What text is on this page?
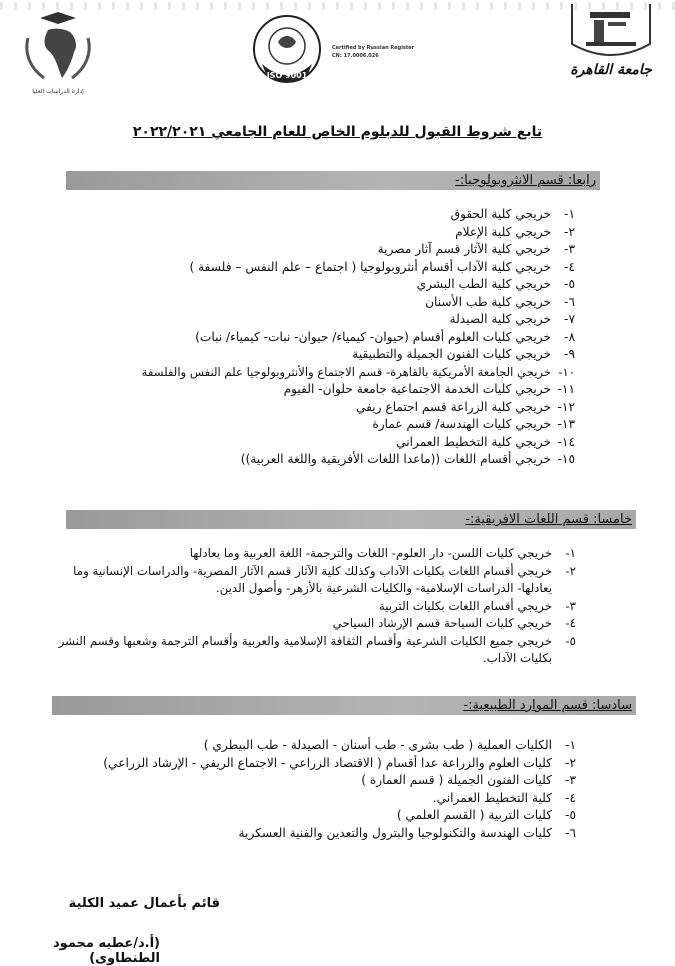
إدارة الدراسات العليا
ISO 9001
Certified by Russian Register
CN: 17.0006.026
جامعة القاهرة
تابع شروط القبول للدبلوم الخاص للعام الجامعي ٢٠٢٢/٢٠٢١
رابعا: قسم الانثروبولوجيا:-
١-
خريجي كلية الحقوق
٢-
خريجي كلية الإعلام
٣-
خريجي كلية الآثار قسم آثار مصرية
٤-
خريجي كلية الآداب أقسام أنثروبولوجيا ( اجتماع – علم النفس – فلسفة )
٥-
خريجي كلية الطب البشري
٦-
خريجي كلية طب الأسنان
٧-
خريجي كلية الصيدلة
٨-
خريجي كليات العلوم أقسام (حيوان- كيمياء/ حيوان- نبات- كيمياء/ نبات)
٩-
خريجي كليات الفنون الجميلة والتطبيقية
١٠-
خريجي الجامعة الأمريكية بالقاهرة- قسم الاجتماع والأنثروبولوجيا علم النفس والفلسفة
١١-
خريجي كليات الخدمة الاجتماعية جامعة حلوان- الفيوم
١٢-
خريجي كلية الزراعة قسم اجتماع ريفي
١٣-
خريجي كليات الهندسة/ قسم عمارة
١٤-
خريجي كلية التخطيط العمراني
١٥-
خريجي أقسام اللغات ((ماعدا اللغات الأفريقية واللغة العربية))
خامسا: قسم اللغات الافريقية:-
١-
خريجي كليات اللسن- دار العلوم- اللغات والترجمة- اللغة العربية وما يعادلها
٢-
خريجي أقسام اللغات بكليات الآداب وكذلك كلية الآثار قسم الآثار المصرية- والدراسات الإنسانية وما يعادلها- الدراسات الإسلامية- والكليات الشرعية بالأزهر- وأصول الدين.
٣-
خريجي أقسام اللغات بكليات التربية
٤-
خريجي كليات السياحة قسم الإرشاد السياحي
٥-
خريجي جميع الكليات الشرعية وأقسام الثقافة الإسلامية والعربية وأقسام الترجمة وشعبها وقسم النشر بكليات الآداب.
سادسا: قسم الموارد الطبيعية:-
١-
الكليات العملية ( طب بشرى - طب أسنان - الصيدلة - طب البيطري )
٢-
كليات العلوم والزراعة عدا أقسام ( الاقتصاد الزراعي - الاجتماع الريفي - الإرشاد الزراعي)
٣-
كليات الفنون الجميلة ( قسم العمارة )
٤-
كلية التخطيط العمراني.
٥-
كليات التربية ( القسم العلمي )
٦-
كليات الهندسة والتكنولوجيا والبترول والتعدين والفنية العسكرية
قائم بأعمال عميد الكلية
(أ.د/عطيه محمود الطنطاوى)
